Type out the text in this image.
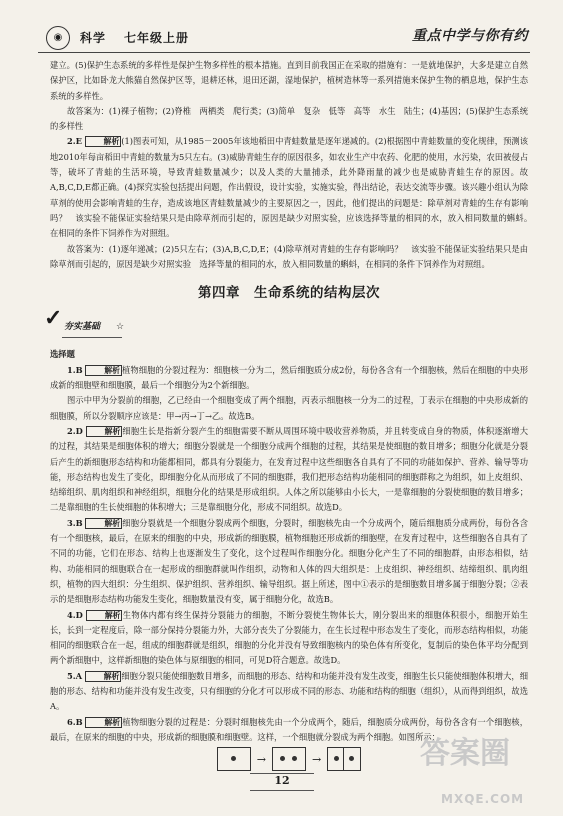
◉	科学 七年级上册	重点中学与你有约

建立。(5)保护生态系统的多样性是保护生物多样性的根本措施。直到目前我国正在采取的措施有：一是就地保护，大多是建立自然保护区，比如卧龙大熊猫自然保护区等，退耕还林，退田还湖，湿地保护，植树造林等一系列措施来保护生物的栖息地，保护生态系统的多样性。

故答案为：(1)裸子植物；(2)脊椎　两栖类　爬行类；(3)简单　复杂　低等　高等　水生　陆生；(4)基因；(5)保护生态系统的多样性

2.E	解析 (1)图表可知，从1985－2005年该地稻田中青蛙数量是逐年递减的。(2)根据图中青蛙数量的变化规律，预测该地2010年每亩稻田中青蛙的数量为5只左右。(3)威胁青蛙生存的原因很多，如农业生产中农药、化肥的使用，水污染，农田被侵占等，破坏了青蛙的生活环境，导致青蛙数量减少；以及人类的大量捕杀，此外降雨量的减少也是威胁青蛙生存的原因。故A,B,C,D,E都正确。(4)探究实验包括提出问题，作出假设，设计实验，实施实验，得出结论，表达交流等步骤。该兴趣小组认为除草剂的使用会影响青蛙的生存，造成该地区青蛙数量减少的主要原因之一，因此，他们提出的问题是：除草剂对青蛙的生存有影响吗？　该实验不能保证实验结果只是由除草剂而引起的，原因是缺少对照实验，应该选择等量的相同的水，放入相同数量的蝌蚪。　在相同的条件下饲养作为对照组。

故答案为：(1)逐年递减；(2)5只左右；(3)A,B,C,D,E；(4)除草剂对青蛙的生存有影响吗？　该实验不能保证实验结果只是由除草剂而引起的，原因是缺少对照实验　选择等量的相同的水，放入相同数量的蝌蚪，在相同的条件下饲养作为对照组。

第四章　生命系统的结构层次
✓ 夯实基础 ☆

选择题

1.B	解析 植物细胞的分裂过程为：细胞核一分为二，然后细胞质分成2份，每份各含有一个细胞核，然后在细胞的中央形成新的细胞壁和细胞膜，最后一个细胞分为2个新细胞。

图示中甲为分裂前的细胞，乙已经由一个细胞变成了两个细胞，丙表示细胞核一分为二的过程，丁表示在细胞的中央形成新的细胞膜，所以分裂顺序应该是：甲→丙→丁→乙。故选B。

2.D	解析 细胞生长是指新分裂产生的细胞需要不断从周围环境中吸收营养物质，并且转变成自身的物质，体积逐渐增大的过程，其结果是细胞体积的增大；细胞分裂就是一个细胞分成两个细胞的过程，其结果是使细胞的数目增多；细胞分化就是分裂后产生的新细胞形态结构和功能都相同，都具有分裂能力，在发育过程中这些细胞各自具有了不同的功能如保护、营养、输导等功能，形态结构也发生了变化，即细胞分化从而形成了不同的细胞群，我们把形态结构功能相同的细胞群称之为组织，如上皮组织、结缔组织、肌肉组织和神经组织，细胞分化的结果是形成组织。人体之所以能够由小长大，一是靠细胞的分裂使细胞的数目增多；二是靠细胞的生长使细胞的体积增大；三是靠细胞分化，形成不同组织。故选D。

3.B	解析 细胞分裂就是一个细胞分裂成两个细胞，分裂时，细胞核先由一个分成两个，随后细胞质分成两份，每份各含有一个细胞核，最后，在原来的细胞的中央，形成新的细胞膜，植物细胞还形成新的细胞壁，在发育过程中，这些细胞各自具有了不同的功能，它们在形态、结构上也逐渐发生了变化，这个过程叫作细胞分化。细胞分化产生了不同的细胞群，由形态相似，结构、功能相同的细胞联合在一起形成的细胞群就叫作组织，动物和人体的四大组织是：上皮组织、神经组织、结缔组织、肌肉组织，植物的四大组织：分生组织、保护组织、营养组织、输导组织。据上所述，图中①表示的是细胞数目增多属于细胞分裂；②表示的是细胞形态结构功能发生变化，细胞数量没有变，属于细胞分化，故选B。

4.D	解析 生物体内都有终生保持分裂能力的细胞，不断分裂使生物体长大，刚分裂出来的细胞体积很小，细胞开始生长，长到一定程度后，除一部分保持分裂能力外，大部分丧失了分裂能力，在生长过程中形态发生了变化，而形态结构相似，功能相同的细胞联合在一起，组成的细胞群就是组织，细胞的分化并没有导致细胞核内的染色体有所变化，复制后的染色体平均分配到两个新细胞中，这样新细胞的染色体与原细胞的相同，可见D符合题意。故选D。

5.A	解析 细胞分裂只能使细胞数目增多，而细胞的形态、结构和功能并没有发生改变，细胞生长只能使细胞体积增大，细胞的形态、结构和功能并没有发生改变，只有细胞的分化才可以形成不同的形态、功能和结构的细胞（组织），从而得到组织，故选A。

6.B	解析 植物细胞分裂的过程是：分裂时细胞核先由一个分成两个，随后，细胞质分成两份，每份各含有一个细胞核，最后，在原来的细胞的中央，形成新的细胞膜和细胞壁。这样，一个细胞就分裂成为两个细胞。如图所示：

→	→
12
答案圈
MXQE.COM
